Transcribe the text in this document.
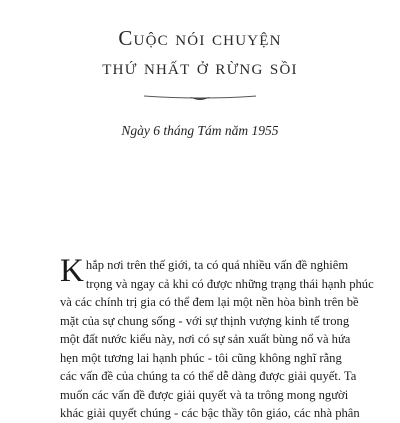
Cuộc nói chuyện
thứ nhất ở rừng sồi
Ngày 6 tháng Tám năm 1955
K hắp nơi trên thế giới, ta có quá nhiều vấn đề nghiêm
trọng và ngay cả khi có được những trạng thái hạnh phúc
và các chính trị gia có thể đem lại một nền hòa bình trên bề
mặt của sự chung sống - với sự thịnh vượng kinh tế trong
một đất nước kiểu này, nơi có sự sản xuất bùng nổ và hứa
hẹn một tương lai hạnh phúc - tôi cũng không nghĩ rằng
các vấn đề của chúng ta có thể dễ dàng được giải quyết. Ta
muốn các vấn đề được giải quyết và ta trông mong người
khác giải quyết chúng - các bậc thầy tôn giáo, các nhà phân
